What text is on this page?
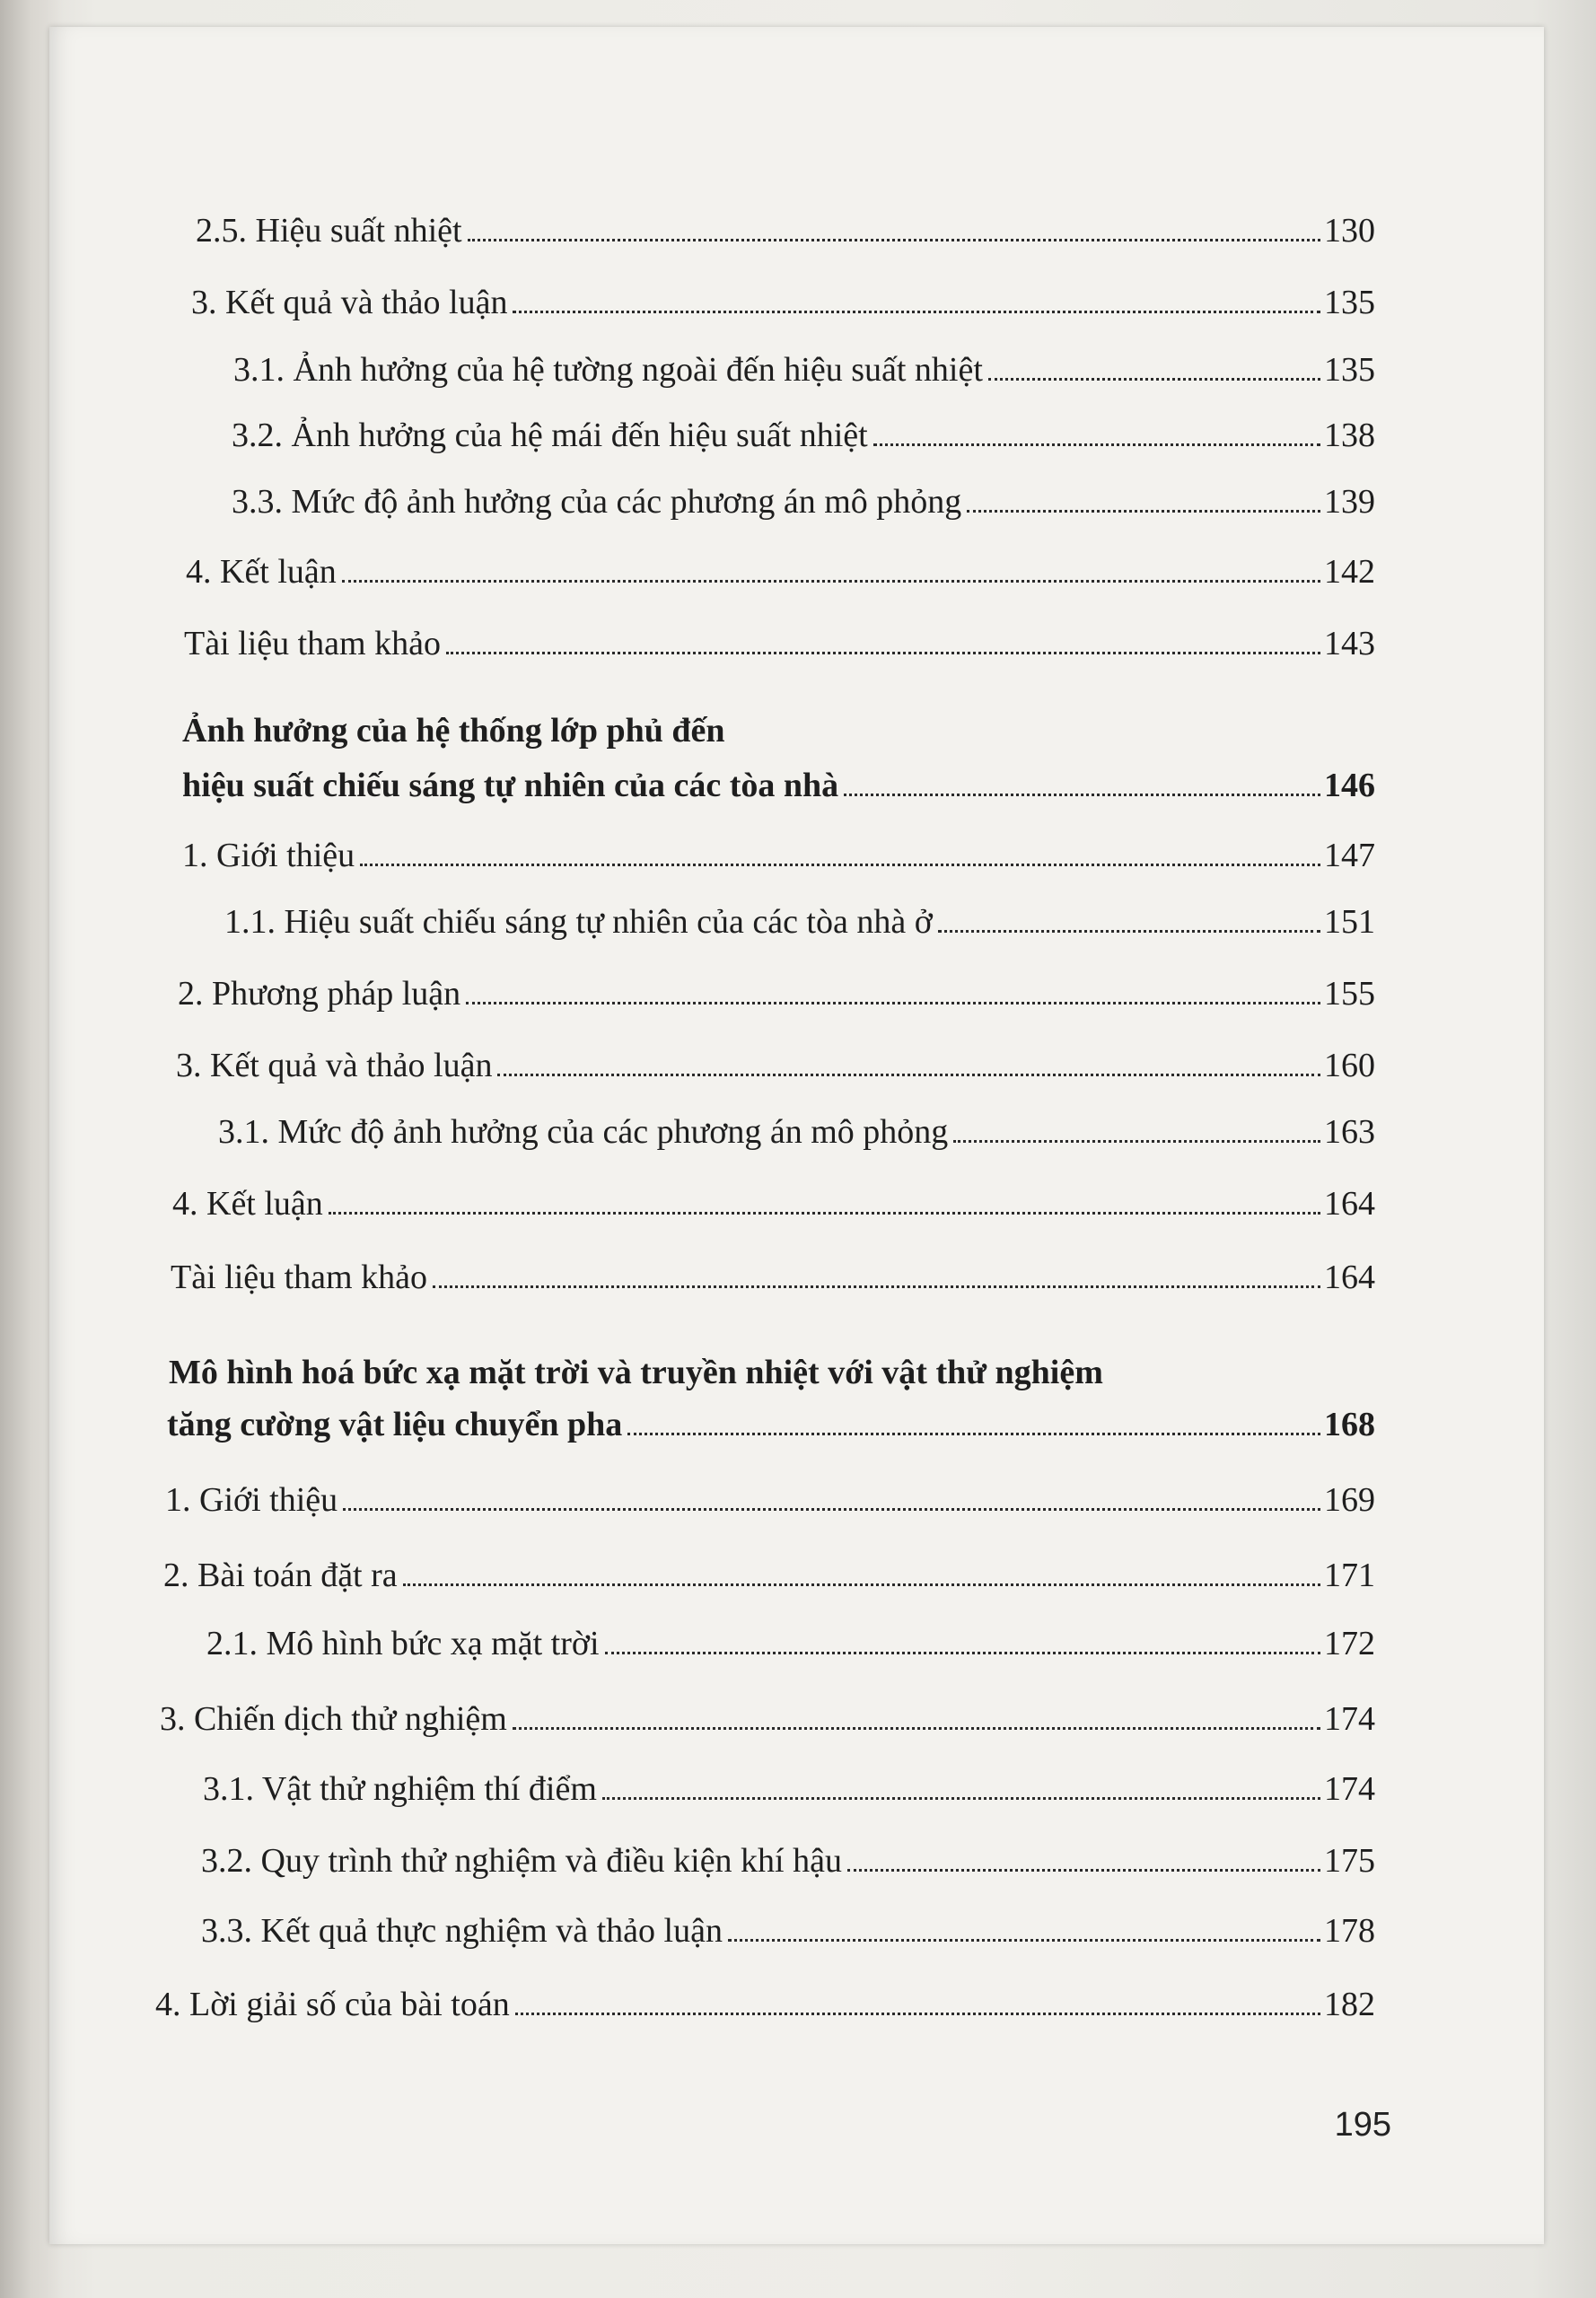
2.5. Hiệu suất nhiệt	130
3. Kết quả và thảo luận	135
3.1. Ảnh hưởng của hệ tường ngoài đến hiệu suất nhiệt	135
3.2. Ảnh hưởng của hệ mái đến hiệu suất nhiệt	138
3.3. Mức độ ảnh hưởng của các phương án mô phỏng	139
4. Kết luận	142
Tài liệu tham khảo	143
Ảnh hưởng của hệ thống lớp phủ đến
hiệu suất chiếu sáng tự nhiên của các tòa nhà	146
1. Giới thiệu	147
1.1. Hiệu suất chiếu sáng tự nhiên của các tòa nhà ở	151
2. Phương pháp luận	155
3. Kết quả và thảo luận	160
3.1. Mức độ ảnh hưởng của các phương án mô phỏng	163
4. Kết luận	164
Tài liệu tham khảo	164
Mô hình hoá bức xạ mặt trời và truyền nhiệt với vật thử nghiệm
tăng cường vật liệu chuyển pha	168
1. Giới thiệu	169
2. Bài toán đặt ra	171
2.1. Mô hình bức xạ mặt trời	172
3. Chiến dịch thử nghiệm	174
3.1. Vật thử nghiệm thí điểm	174
3.2. Quy trình thử nghiệm và điều kiện khí hậu	175
3.3. Kết quả thực nghiệm và thảo luận	178
4. Lời giải số của bài toán	182
195
